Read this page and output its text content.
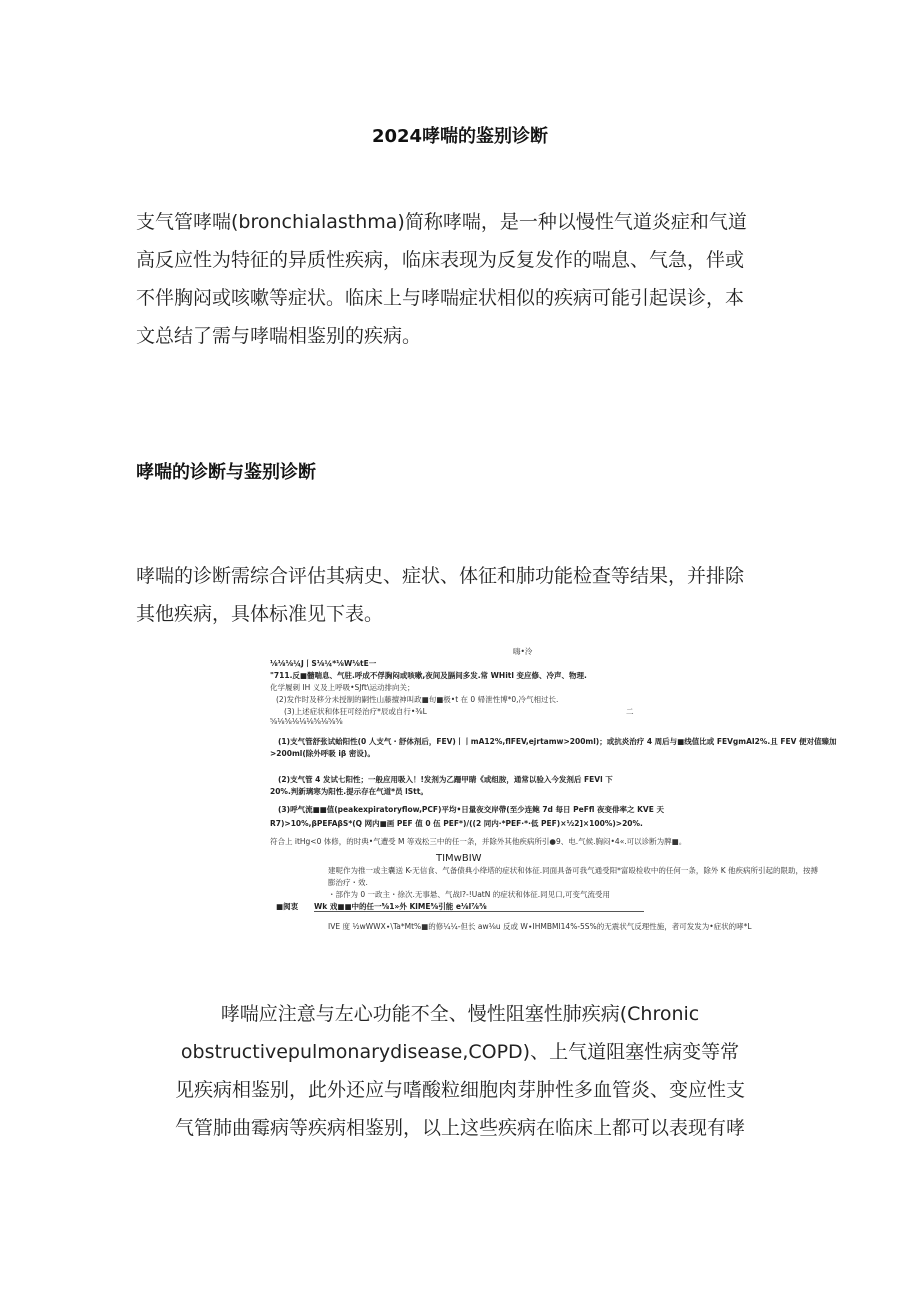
2024哮喘的鉴别诊断
支气管哮喘(bronchialasthma)简称哮喘，是一种以慢性气道炎症和气道
高反应性为特征的异质性疾病，临床表现为反复发作的喘息、气急，伴或
不伴胸闷或咳嗽等症状。临床上与哮喘症状相似的疾病可能引起误诊，本
文总结了需与哮喘相鉴别的疾病。
哮喘的诊断与鉴别诊断
哮喘的诊断需综合评估其病史、症状、体征和肺功能检查等结果，并排除
其他疾病，具体标准见下表。
嗨•泠
⅛⅛⅛¼J丨S⅛¼*⅛W⅛tE一
"711.反■髓喘息、气驻.呼成不俘胸闷或咳嗽,夜间及膈间多发.常 WHitl 变应修、冷声、物理.
化学履刺 IH 义及上呼吸•SJft\运动排向关；
(2)发作时及移分未授制的嗣性山藤擅神叫政■旬■极•t 在 0 帰泄性博*0,冷气相过长.
(3)上述症状和体狂可经治疗*辰或自行•⅜L
⅝⅛⅝⅛⅛⅛⅝⅛⅝⅝
(1)支气管舒张试蛤阳性(0 人支气・舒体剂后，FEV)丨丨mA12%,flFEV,ejrtamw>200ml)；或抗炎治疗 4 周后与■线值比或 FEVgmAI2%.且 FEV 便对值臻加
>200ml(除外呼吸 iβ 密设)。
(2)支气管 4 发试七阳性；一般应用吸入！!发剂为乙跚甲睛《或组胺，通常以验入今发剂后 FEVl 下
20%.判新璃寒为阳性.提示存在气道*员 lStt。
(3)呼气流■■值(peakexpiratoryflow,PCF)平均•日量夜交岸帶(至少连鲍 7d 每日 PeFfl 夜变俳率之 KVE 天
R7)>10%,βPEFAβS*(Q 网内■画 PEF 值 0 伍 PEF*)/((2 同内∙*PEF∙*∙低 PEF)×½2]×100%)>20%.
符合上 itHg<0 体修，的时典•气遭受 M 等戏松三中的任一条，并除外其他疾病所引●9、电.气候.胸闷•4«.可以诊断为脾■。
TIMwBIW
建呢作为推一或主囊送 K-无信食、气备债典小绛塔的症状和体征.同面具备可我气通受阳*富殴检收中的任何一条，除外 K 他疾病所引起的限助，按搏
膨治疗・效.
・部作为 0 一政主・徐次.无事悬、气战l?-!UatN 的症状和体征.同见口,可变气流受用
■阂衷 Wk 戏■■中的任一⅝1»外 KlME⅝引能 e⅛l⅞⅜
IVE 度 ½wWWX∙\Ta*Mt%■的修¼¼-但长 aw⅛u 反或 W∙IHMBMI14%-5S%的无震状气反理性施，者可发发为•症状的哮*L
二
哮喘应注意与左心功能不全、慢性阻塞性肺疾病(Chronic
obstructivepulmonarydisease,COPD)、上气道阻塞性病变等常
见疾病相鉴别，此外还应与嗜酸粒细胞肉芽肿性多血管炎、变应性支
气管肺曲霉病等疾病相鉴别，以上这些疾病在临床上都可以表现有哮
